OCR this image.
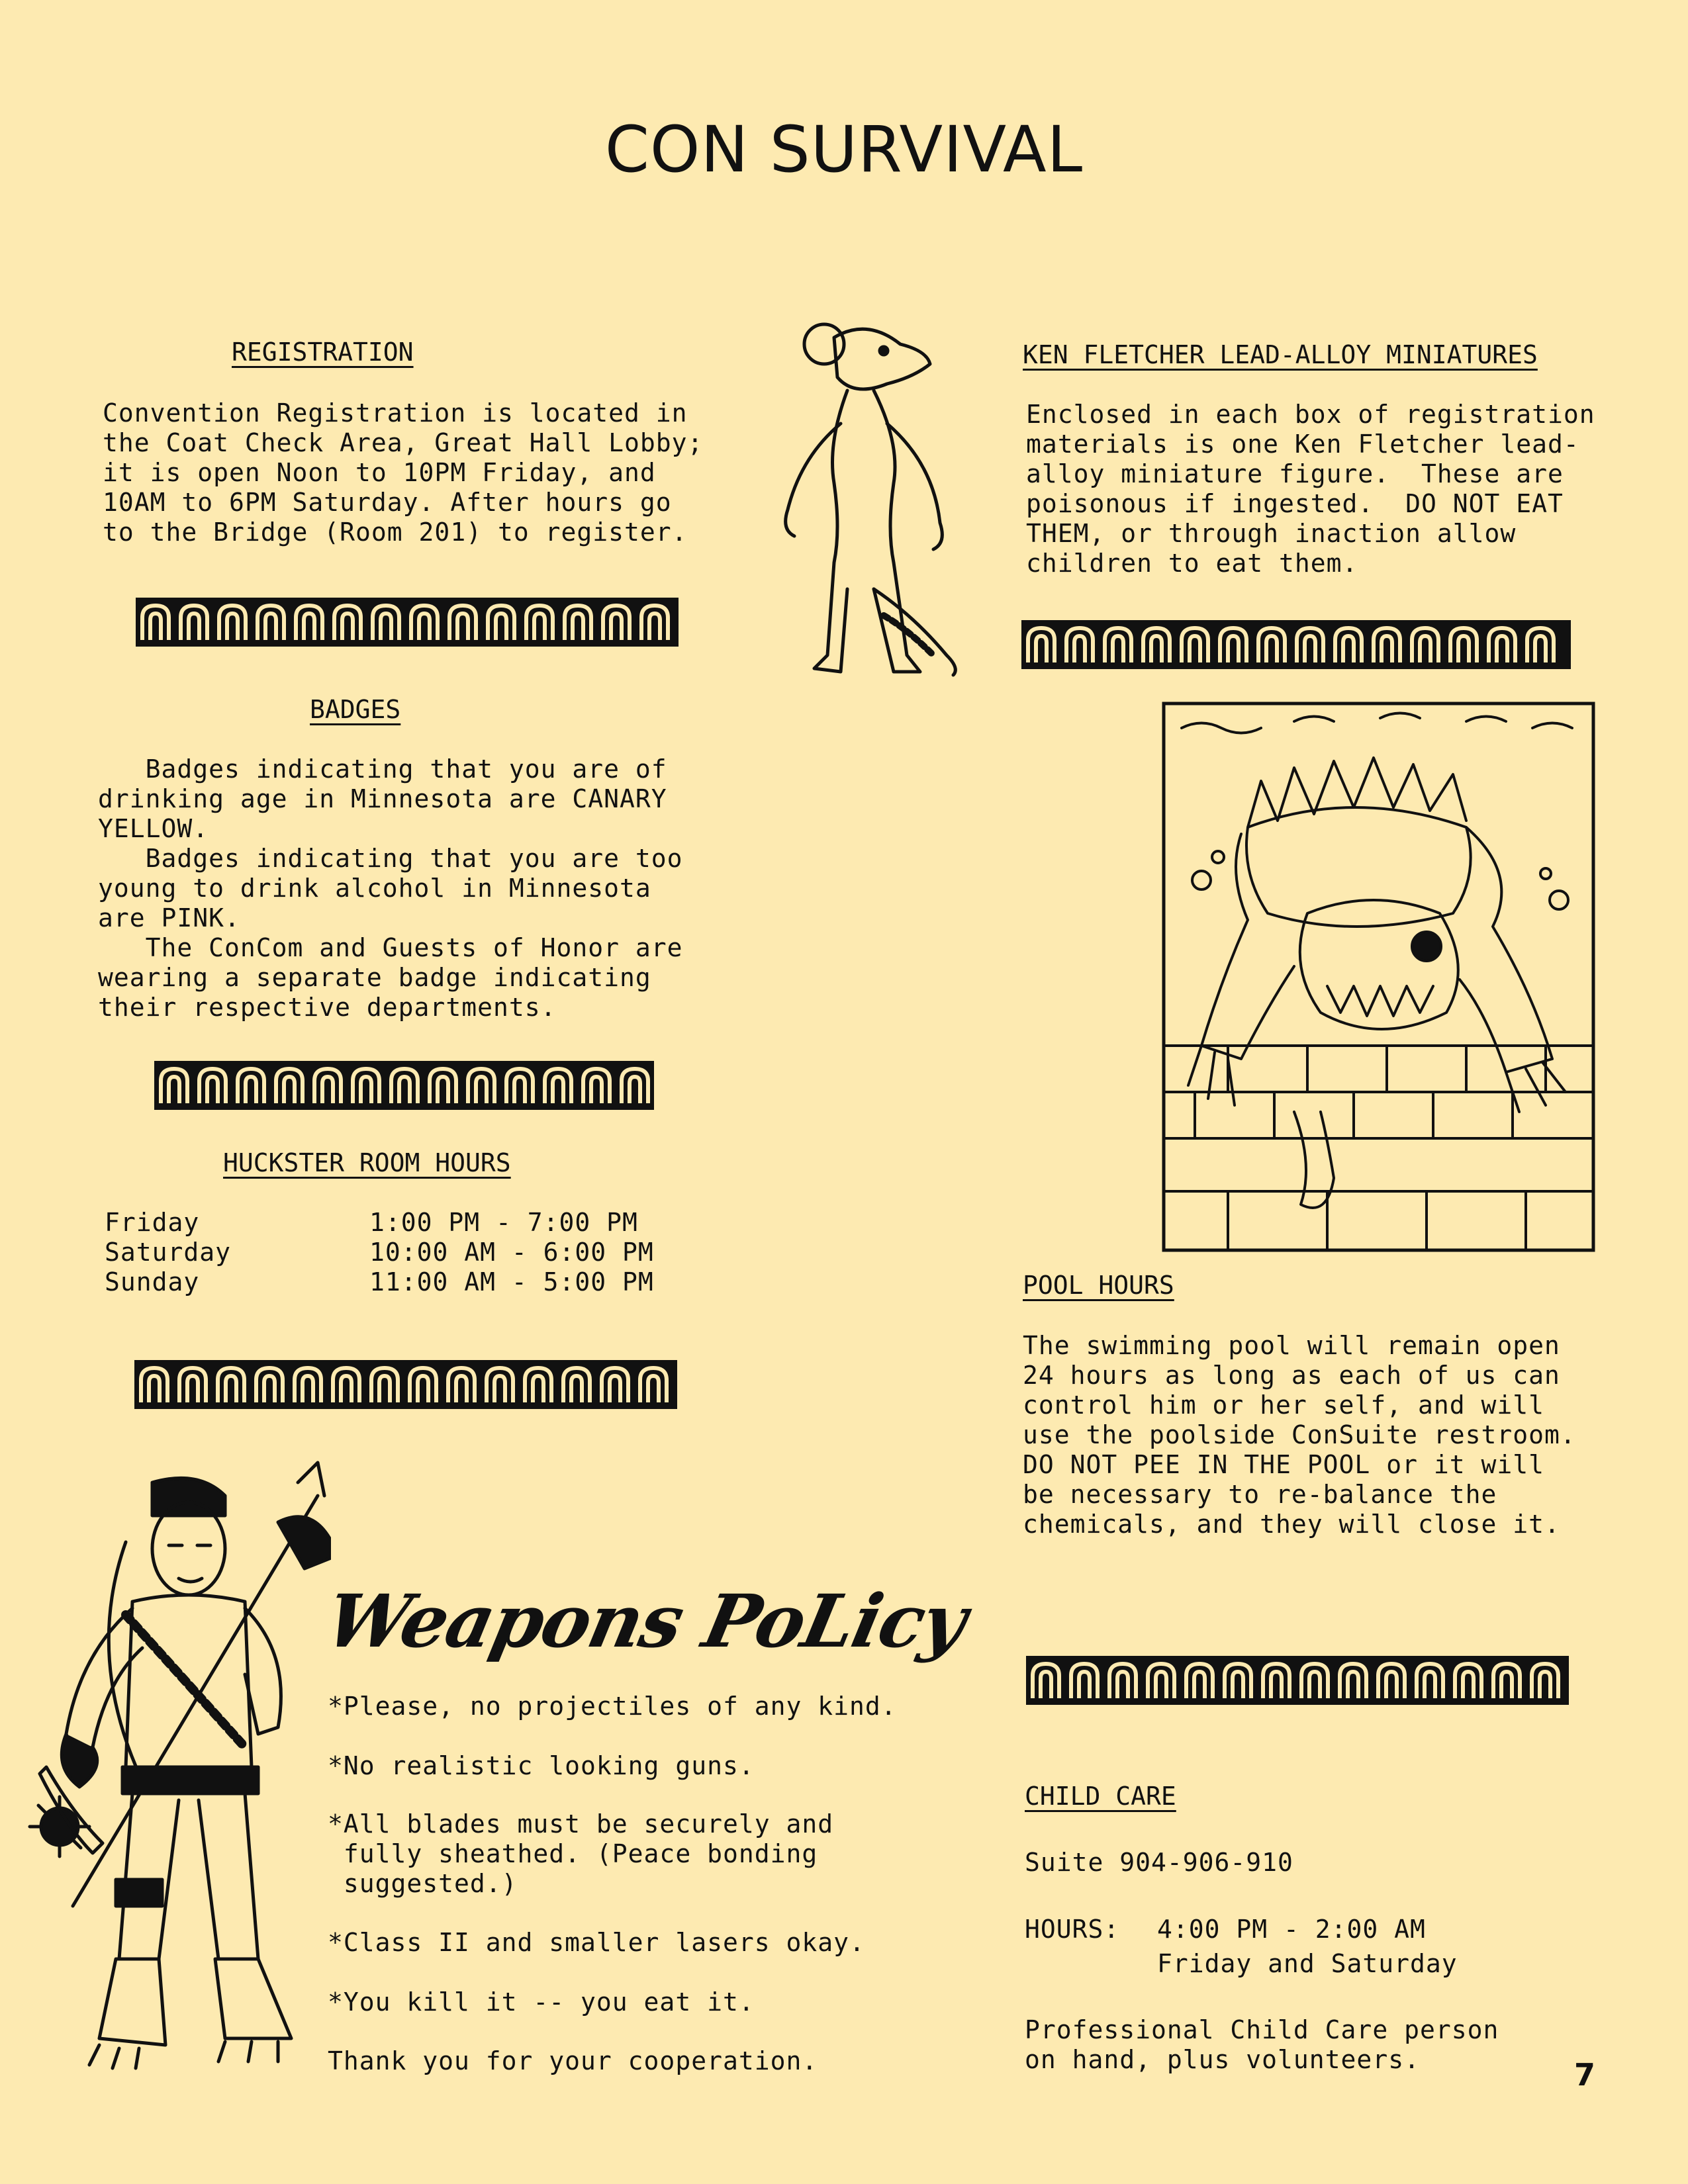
CON SURVIVAL
REGISTRATION
Convention Registration is located in
the Coat Check Area, Great Hall Lobby;
it is open Noon to 10PM Friday, and
10AM to 6PM Saturday. After hours go
to the Bridge (Room 201) to register.
BADGES
Badges indicating that you are of
drinking age in Minnesota are CANARY
YELLOW.
Badges indicating that you are too
young to drink alcohol in Minnesota
are PINK.
The ConCom and Guests of Honor are
wearing a separate badge indicating
their respective departments.
HUCKSTER ROOM HOURS
Friday	1:00 PM - 7:00 PM
Saturday	10:00 AM - 6:00 PM
Sunday	11:00 AM - 5:00 PM
Weapons PoLicy
*Please, no projectiles of any kind.
*No realistic looking guns.
*All blades must be securely and
fully sheathed. (Peace bonding
suggested.)
*Class II and smaller lasers okay.
*You kill it -- you eat it.
Thank you for your cooperation.
KEN FLETCHER LEAD-ALLOY MINIATURES
Enclosed in each box of registration
materials is one Ken Fletcher lead-
alloy miniature figure.  These are
poisonous if ingested.  DO NOT EAT
THEM, or through inaction allow
children to eat them.
POOL HOURS
The swimming pool will remain open
24 hours as long as each of us can
control him or her self, and will
use the poolside ConSuite restroom.
DO NOT PEE IN THE POOL or it will
be necessary to re-balance the
chemicals, and they will close it.
CHILD CARE
Suite 904-906-910
HOURS: 4:00 PM - 2:00 AM
Friday and Saturday
Professional Child Care person
on hand, plus volunteers.	7
